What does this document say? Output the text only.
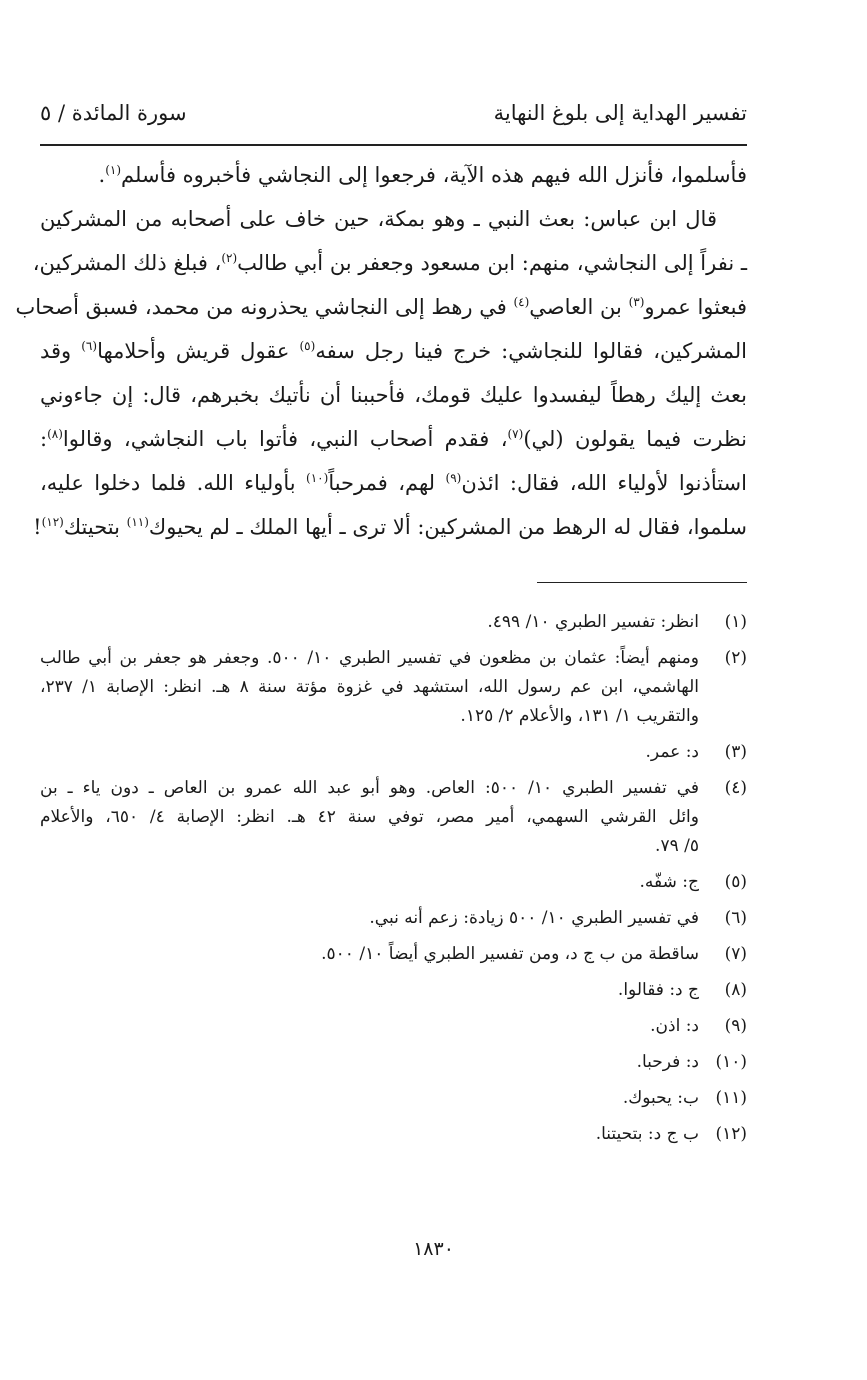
تفسير الهداية إلى بلوغ النهاية
سورة المائدة / ٥
فأسلموا، فأنزل الله فيهم هذه الآية، فرجعوا إلى النجاشي فأخبروه فأسلم$^{(١)}$.
قال ابن عباس: بعث النبي ـ وهو بمكة، حين خاف على أصحابه من المشركين
ـ نفراً إلى النجاشي، منهم: ابن مسعود وجعفر بن أبي طالب$^{(٢)}$، فبلغ ذلك المشركين،
فبعثوا عمرو$^{(٣)}$ بن العاصي$^{(٤)}$ في رهط إلى النجاشي يحذرونه من محمد، فسبق أصحاب
المشركين، فقالوا للنجاشي: خرج فينا رجل سفه$^{(٥)}$ عقول قريش وأحلامها$^{(٦)}$ وقد
بعث إليك رهطاً ليفسدوا عليك قومك، فأحببنا أن نأتيك بخبرهم، قال: إن جاءوني
نظرت فيما يقولون (لي)$^{(٧)}$، فقدم أصحاب النبي، فأتوا باب النجاشي، وقالوا$^{(٨)}$:
استأذنوا لأولياء الله، فقال: ائذن$^{(٩)}$ لهم، فمرحباً$^{(١٠)}$ بأولياء الله. فلما دخلوا عليه،
سلموا، فقال له الرهط من المشركين: ألا ترى ـ أيها الملك ـ لم يحيوك$^{(١١)}$ بتحيتك$^{(١٢)}$!
(١)
انظر: تفسير الطبري ١٠/ ٤٩٩.
(٢)
ومنهم أيضاً: عثمان بن مظعون في تفسير الطبري ١٠/ ٥٠٠. وجعفر هو جعفر بن أبي طالب
الهاشمي، ابن عم رسول الله، استشهد في غزوة مؤتة سنة ٨ هـ. انظر: الإصابة ١/ ٢٣٧،
والتقريب ١/ ١٣١، والأعلام ٢/ ١٢٥.
(٣)
د: عمر.
(٤)
في تفسير الطبري ١٠/ ٥٠٠: العاص. وهو أبو عبد الله عمرو بن العاص ـ دون ياء ـ بن
وائل القرشي السهمي، أمير مصر، توفي سنة ٤٢ هـ. انظر: الإصابة ٤/ ٦٥٠، والأعلام
٥/ ٧٩.
(٥)
ج: شفّه.
(٦)
في تفسير الطبري ١٠/ ٥٠٠ زيادة: زعم أنه نبي.
(٧)
ساقطة من ب ج د، ومن تفسير الطبري أيضاً ١٠/ ٥٠٠.
(٨)
ج د: فقالوا.
(٩)
د: اذن.
(١٠)
د: فرحبا.
(١١)
ب: يحبوك.
(١٢)
ب ج د: بتحيتنا.
١٨٣٠
